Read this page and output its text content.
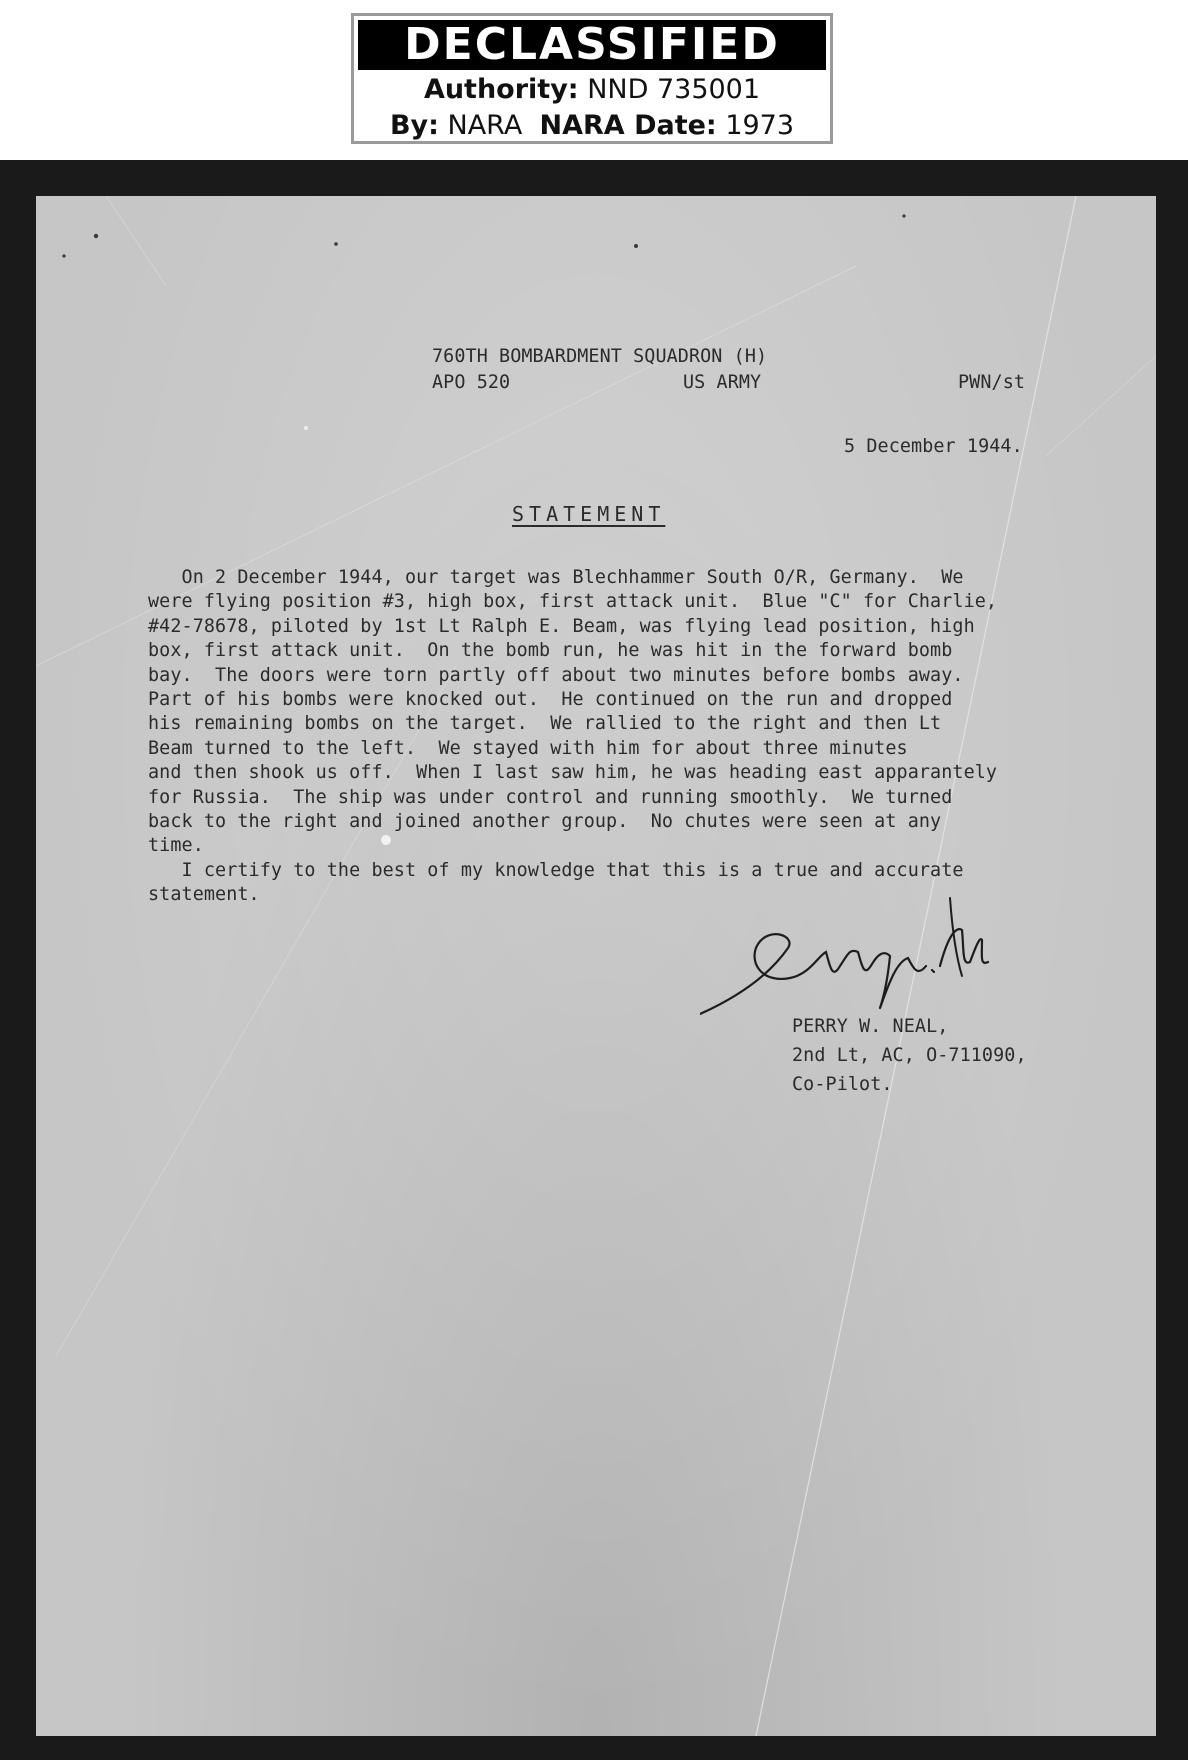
DECLASSIFIED
Authority: NND 735001
By: NARA NARA Date: 1973
760TH BOMBARDMENT SQUADRON (H)
APO 520	US ARMY	PWN/st
5 December 1944.
STATEMENT
On 2 December 1944, our target was Blechhammer South O/R, Germany.  We
were flying position #3, high box, first attack unit.  Blue "C" for Charlie,
#42-78678, piloted by 1st Lt Ralph E. Beam, was flying lead position, high
box, first attack unit.  On the bomb run, he was hit in the forward bomb
bay.  The doors were torn partly off about two minutes before bombs away.
Part of his bombs were knocked out.  He continued on the run and dropped
his remaining bombs on the target.  We rallied to the right and then Lt
Beam turned to the left.  We stayed with him for about three minutes
and then shook us off.  When I last saw him, he was heading east apparantely
for Russia.  The ship was under control and running smoothly.  We turned
back to the right and joined another group.  No chutes were seen at any
time.
I certify to the best of my knowledge that this is a true and accurate
statement.
PERRY W. NEAL,
2nd Lt, AC, O-711090,
Co-Pilot.
